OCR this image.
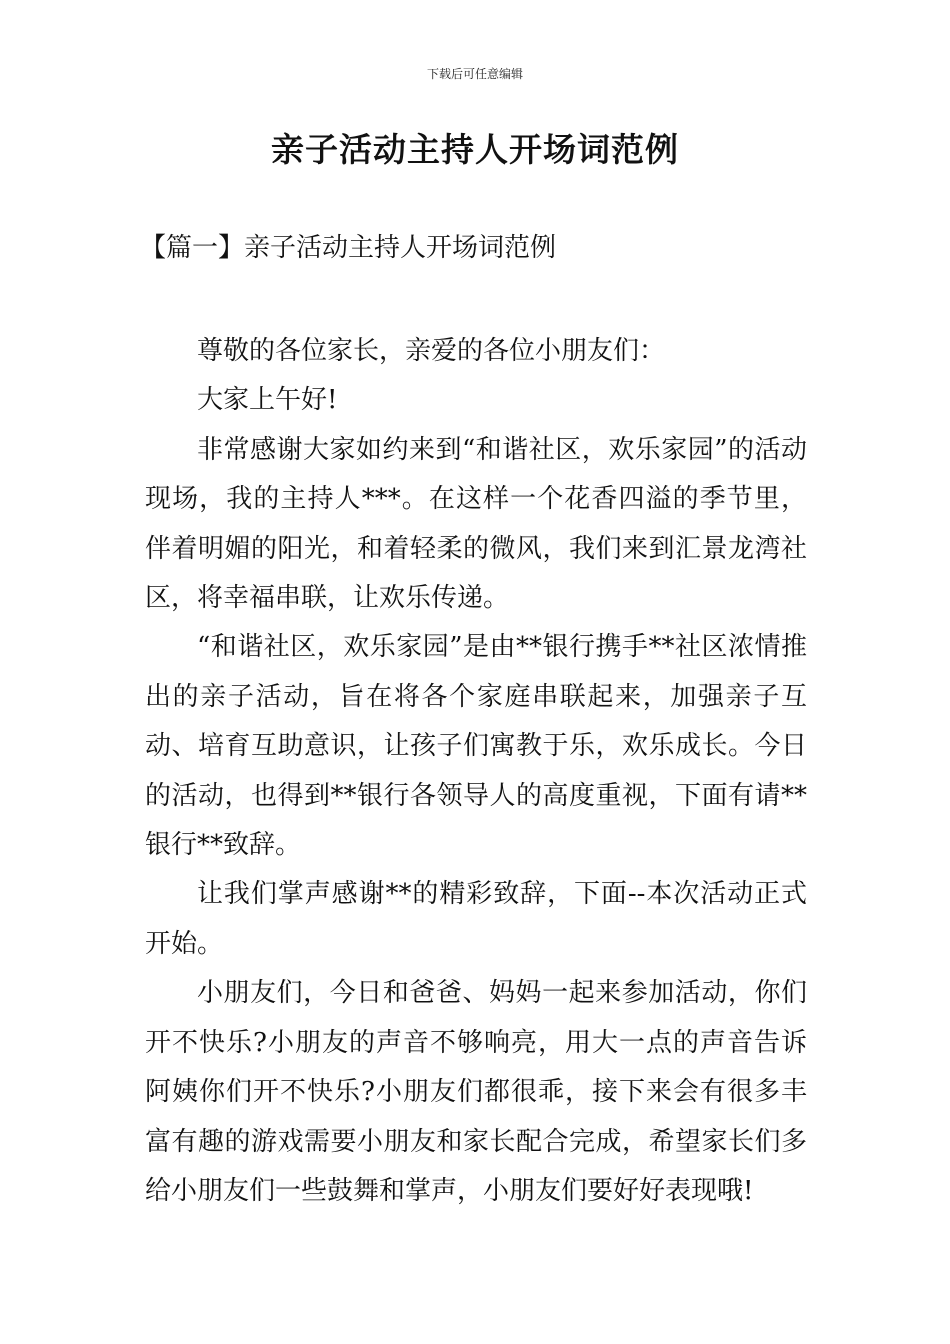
下载后可任意编辑
亲子活动主持人开场词范例
【篇一】亲子活动主持人开场词范例

尊敬的各位家长，亲爱的各位小朋友们：

大家上午好!

非常感谢大家如约来到“和谐社区，欢乐家园”的活动现场，我的主持人***。在这样一个花香四溢的季节里，伴着明媚的阳光，和着轻柔的微风，我们来到汇景龙湾社区，将幸福串联，让欢乐传递。

“和谐社区，欢乐家园”是由**银行携手**社区浓情推出的亲子活动，旨在将各个家庭串联起来，加强亲子互动、培育互助意识，让孩子们寓教于乐，欢乐成长。今日的活动，也得到**银行各领导人的高度重视，下面有请**银行**致辞。

让我们掌声感谢**的精彩致辞，下面--本次活动正式开始。

小朋友们，今日和爸爸、妈妈一起来参加活动，你们开不快乐?小朋友的声音不够响亮，用大一点的声音告诉阿姨你们开不快乐?小朋友们都很乖，接下来会有很多丰富有趣的游戏需要小朋友和家长配合完成，希望家长们多给小朋友们一些鼓舞和掌声，小朋友们要好好表现哦!
